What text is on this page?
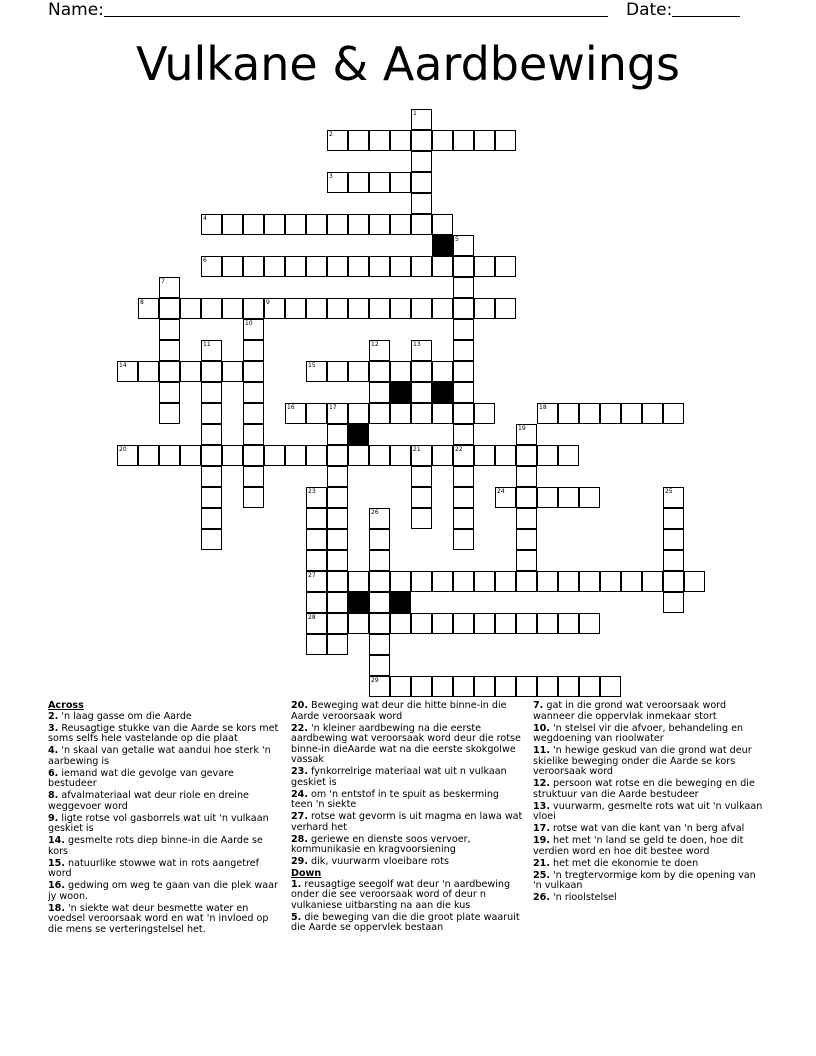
Name:	Date:
Vulkane & Aardbewings
2
3
4
6
8	9
14	15
16	17	18
20	21	22
24
27
28
29
1
5
7
10
11	12	13
19
23	25
26
Across
2. 'n laag gasse om die Aarde
3. Reusagtige stukke van die Aarde se kors met soms selfs hele vastelande op die plaat
4. 'n skaal van getalle wat aandui hoe sterk 'n aarbewing is
6. iemand wat die gevolge van gevare bestudeer
8. afvalmateriaal wat deur riole en dreine weggevoer word
9. ligte rotse vol gasborrels wat uit 'n vulkaan geskiet is
14. gesmelte rots diep binne-in die Aarde se kors
15. natuurlike stowwe wat in rots aangetref word
16. gedwing om weg te gaan van die plek waar jy woon.
18. 'n siekte wat deur besmette water en voedsel veroorsaak word en wat 'n invloed op die mens se verteringstelsel het.
20. Beweging wat deur die hitte binne-in die Aarde veroorsaak word
22. 'n kleiner aardbewing na die eerste aardbewing wat veroorsaak word deur die rotse binne-in dieAarde wat na die eerste skokgolwe vassak
23. fynkorrelrige materiaal wat uit n vulkaan geskiet is
24. om 'n entstof in te spuit as beskerming teen 'n siekte
27. rotse wat gevorm is uit magma en lawa wat verhard het
28. geriewe en dienste soos vervoer, kommunikasie en kragvoorsiening
29. dik, vuurwarm vloeibare rots
Down
1. reusagtige seegolf wat deur 'n aardbewing onder die see veroorsaak word of deur n vulkaniese uitbarsting na aan die kus
5. die beweging van die die groot plate waaruit die Aarde se oppervlek bestaan
7. gat in die grond wat veroorsaak word wanneer die oppervlak inmekaar stort
10. 'n stelsel vir die afvoer, behandeling en wegdoening van rioolwater
11. 'n hewige geskud van die grond wat deur skielike beweging onder die Aarde se kors veroorsaak word
12. persoon wat rotse en die beweging en die struktuur van die Aarde bestudeer
13. vuurwarm, gesmelte rots wat uit 'n vulkaan vloei
17. rotse wat van die kant van 'n berg afval
19. het met 'n land se geld te doen, hoe dit verdien word en hoe dit bestee word
21. het met die ekonomie te doen
25. 'n tregtervormige kom by die opening van 'n vulkaan
26. 'n rioolstelsel
